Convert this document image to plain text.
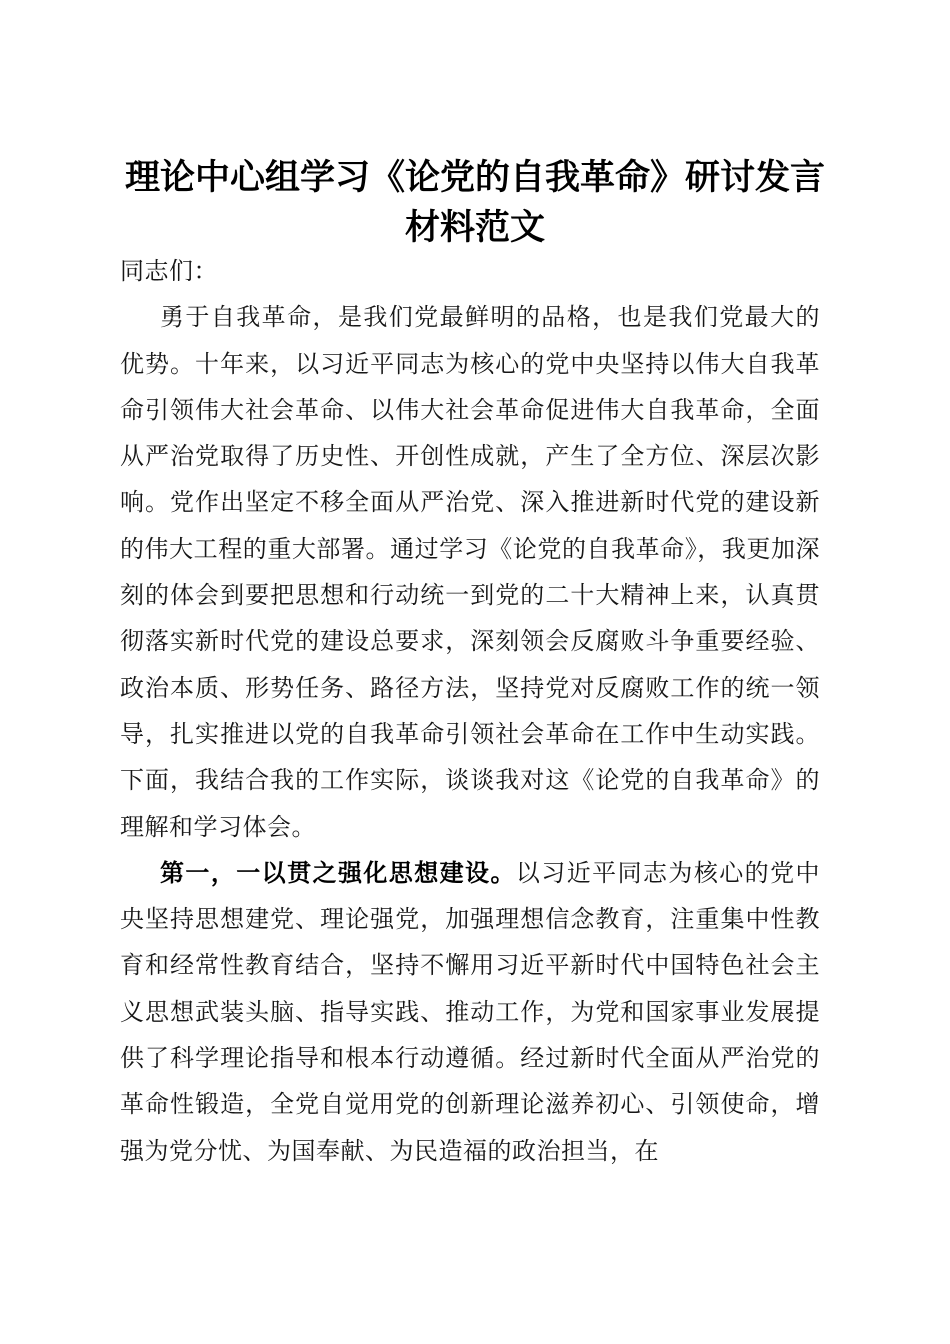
理论中心组学习《论党的自我革命》研讨发言
材料范文

同志们：

勇于自我革命，是我们党最鲜明的品格，也是我们党最大的优势。十年来，以习近平同志为核心的党中央坚持以伟大自我革命引领伟大社会革命、以伟大社会革命促进伟大自我革命，全面从严治党取得了历史性、开创性成就，产生了全方位、深层次影响。党作出坚定不移全面从严治党、深入推进新时代党的建设新的伟大工程的重大部署。通过学习《论党的自我革命》，我更加深刻的体会到要把思想和行动统一到党的二十大精神上来，认真贯彻落实新时代党的建设总要求，深刻领会反腐败斗争重要经验、政治本质、形势任务、路径方法，坚持党对反腐败工作的统一领导，扎实推进以党的自我革命引领社会革命在工作中生动实践。下面，我结合我的工作实际，谈谈我对这《论党的自我革命》的理解和学习体会。

第一，一以贯之强化思想建设。以习近平同志为核心的党中央坚持思想建党、理论强党，加强理想信念教育，注重集中性教育和经常性教育结合，坚持不懈用习近平新时代中国特色社会主义思想武装头脑、指导实践、推动工作，为党和国家事业发展提供了科学理论指导和根本行动遵循。经过新时代全面从严治党的革命性锻造，全党自觉用党的创新理论滋养初心、引领使命，增强为党分忧、为国奉献、为民造福的政治担当，在
